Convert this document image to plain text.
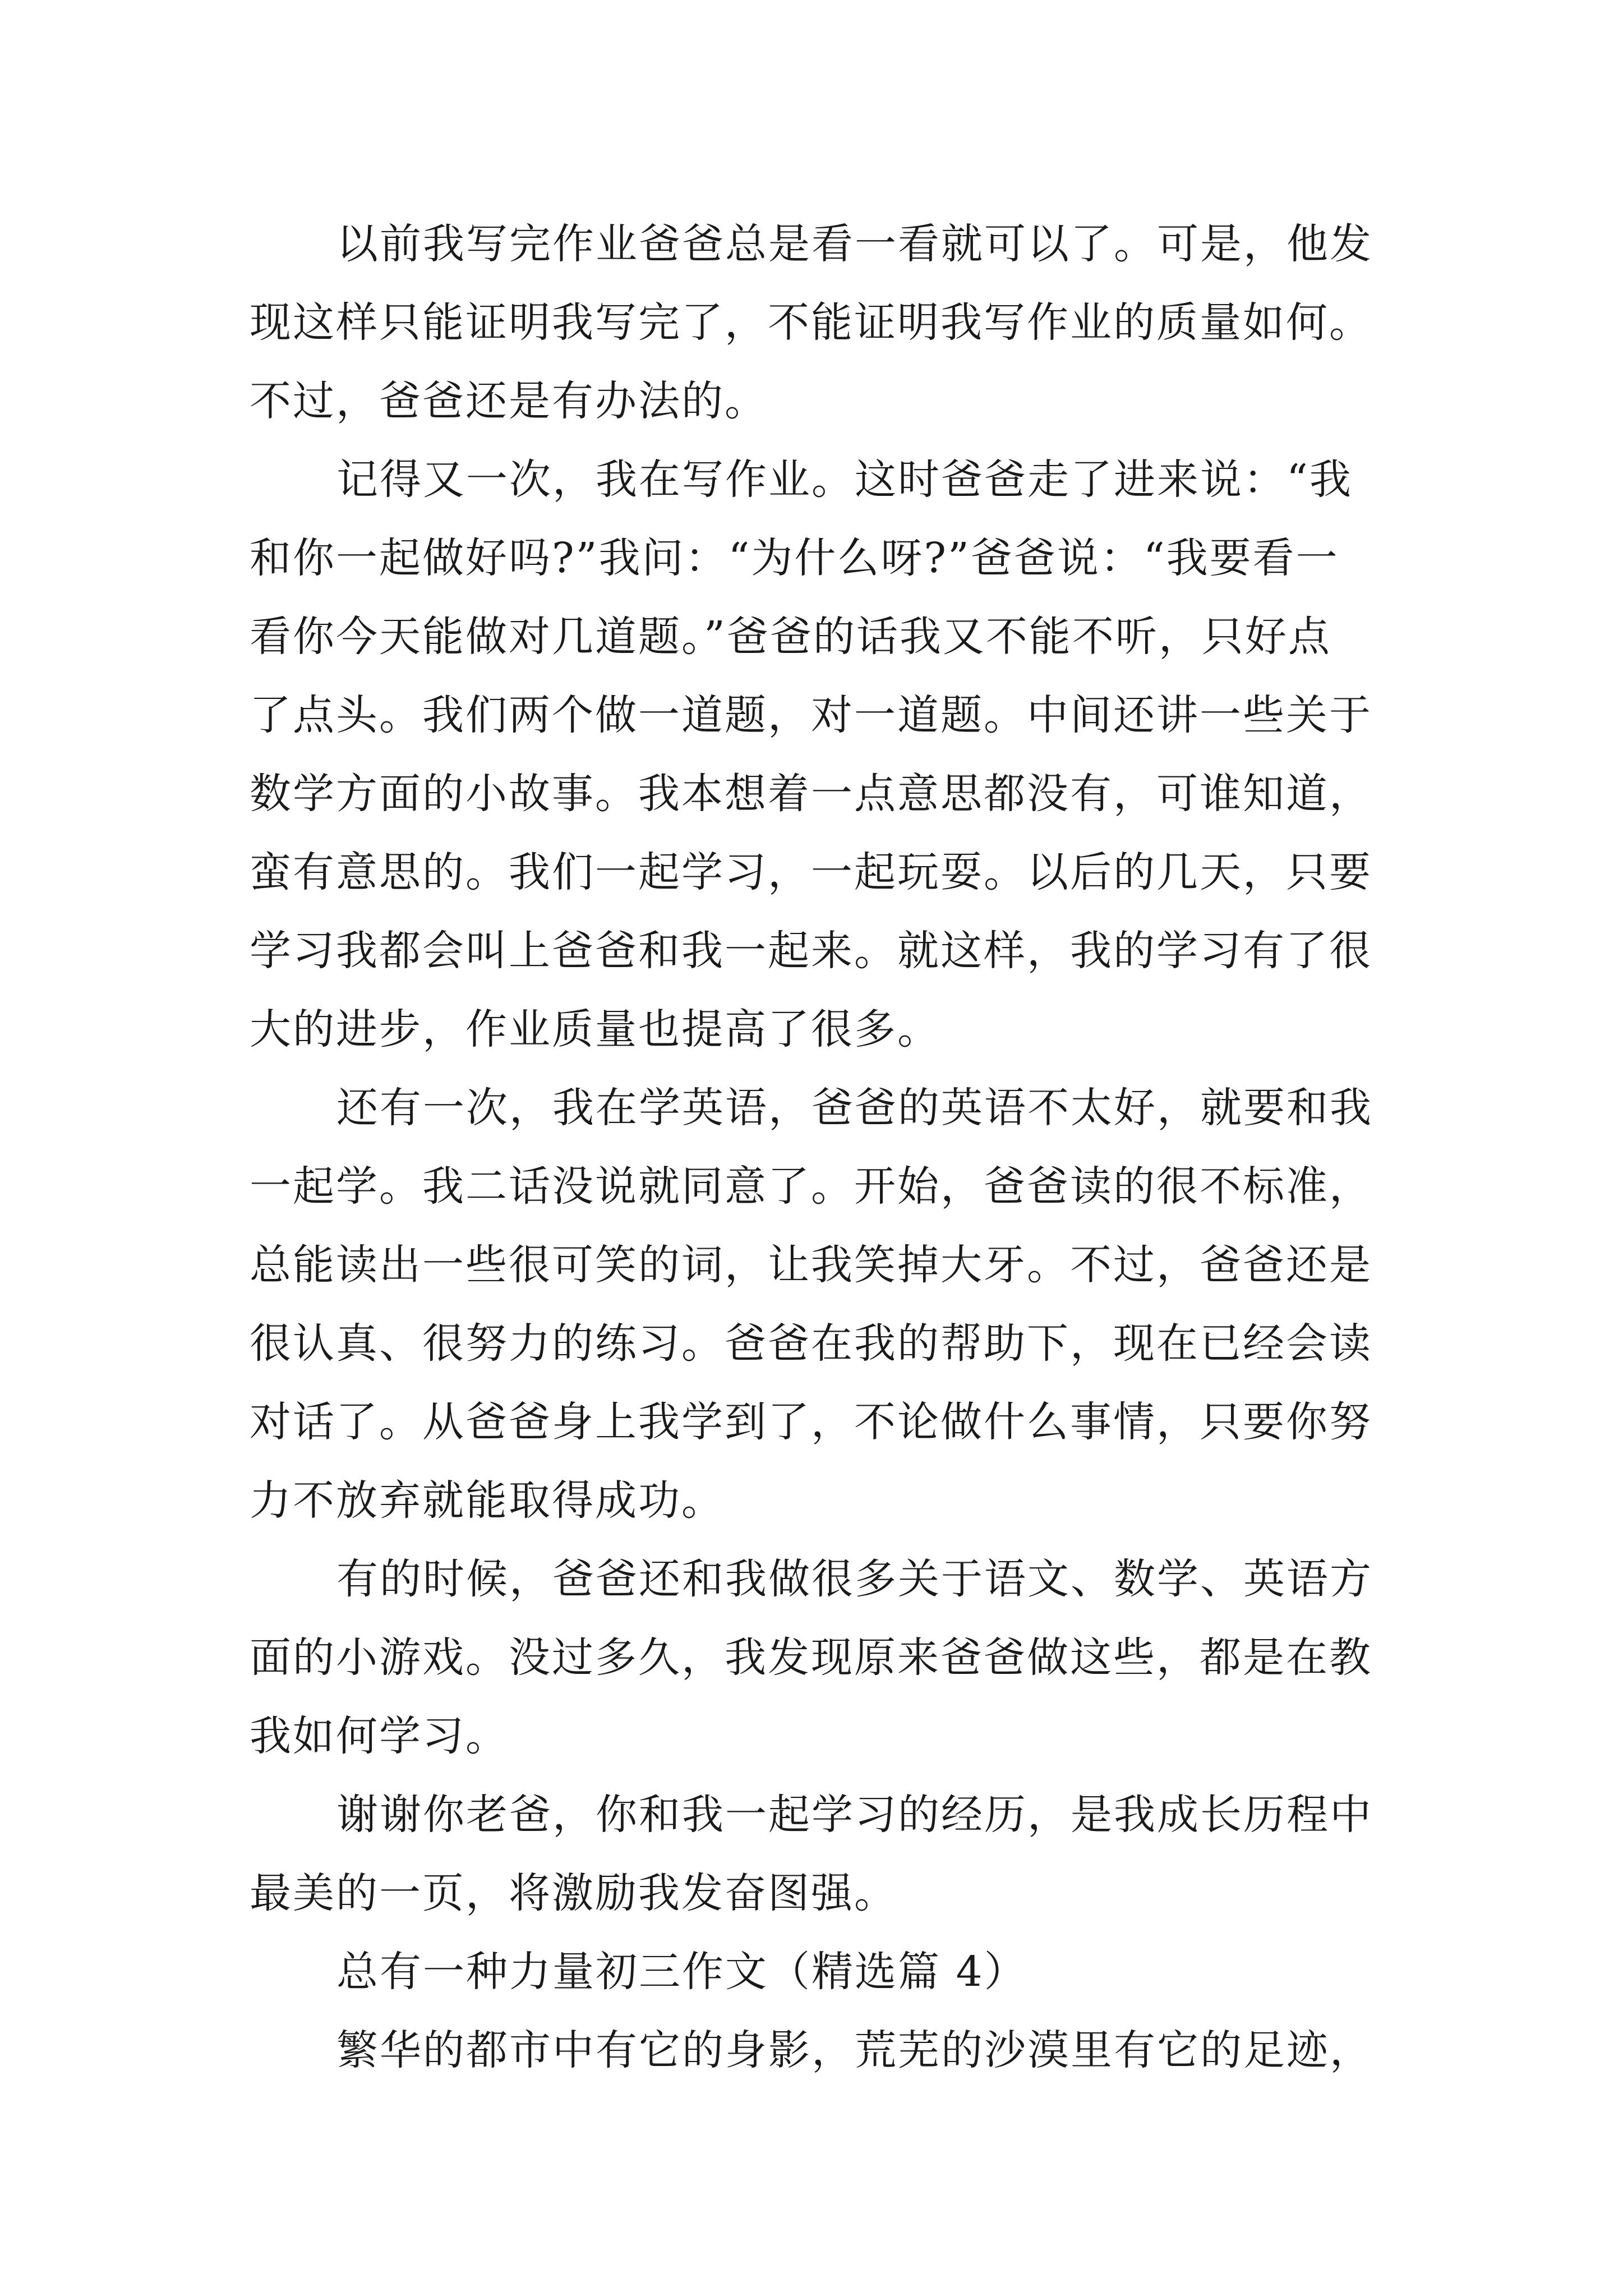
以前我写完作业爸爸总是看一看就可以了。可是，他发

现这样只能证明我写完了，不能证明我写作业的质量如何。

不过，爸爸还是有办法的。

记得又一次，我在写作业。这时爸爸走了进来说：“我

和你一起做好吗?”我问：“为什么呀?”爸爸说：“我要看一

看你今天能做对几道题。”爸爸的话我又不能不听，只好点

了点头。我们两个做一道题，对一道题。中间还讲一些关于

数学方面的小故事。我本想着一点意思都没有，可谁知道，

蛮有意思的。我们一起学习，一起玩耍。以后的几天，只要

学习我都会叫上爸爸和我一起来。就这样，我的学习有了很

大的进步，作业质量也提高了很多。

还有一次，我在学英语，爸爸的英语不太好，就要和我

一起学。我二话没说就同意了。开始，爸爸读的很不标准，

总能读出一些很可笑的词，让我笑掉大牙。不过，爸爸还是

很认真、很努力的练习。爸爸在我的帮助下，现在已经会读

对话了。从爸爸身上我学到了，不论做什么事情，只要你努

力不放弃就能取得成功。

有的时候，爸爸还和我做很多关于语文、数学、英语方

面的小游戏。没过多久，我发现原来爸爸做这些，都是在教

我如何学习。

谢谢你老爸，你和我一起学习的经历，是我成长历程中

最美的一页，将激励我发奋图强。

总有一种力量初三作文（精选篇 4）

繁华的都市中有它的身影，荒芜的沙漠里有它的足迹，
